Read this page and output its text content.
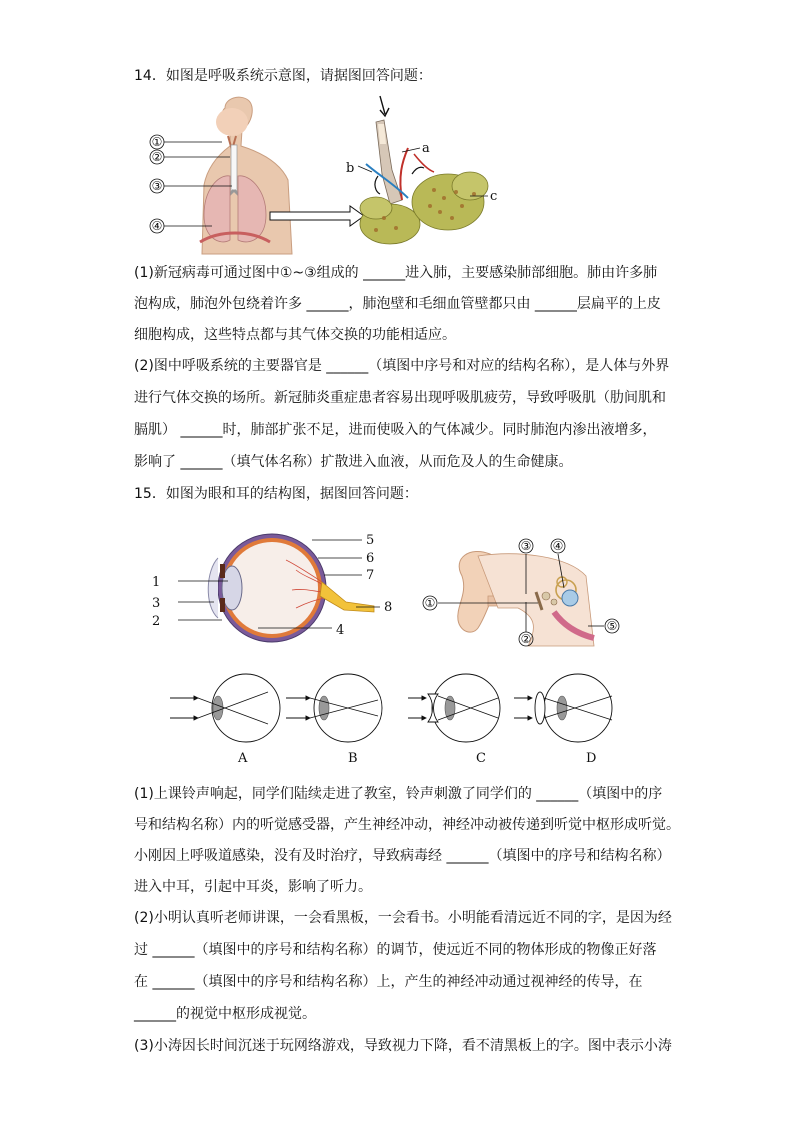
14．如图是呼吸系统示意图，请据图回答问题：
①
②
③
④
a
b
c
(1)新冠病毒可通过图中①~③组成的 ______进入肺，主要感染肺部细胞。肺由许多肺
泡构成，肺泡外包绕着许多 ______，肺泡壁和毛细血管壁都只由 ______层扁平的上皮
细胞构成，这些特点都与其气体交换的功能相适应。
(2)图中呼吸系统的主要器官是 ______（填图中序号和对应的结构名称），是人体与外界
进行气体交换的场所。新冠肺炎重症患者容易出现呼吸肌疲劳，导致呼吸肌（肋间肌和
膈肌） ______时，肺部扩张不足，进而使吸入的气体减少。同时肺泡内渗出液增多，
影响了 ______（填气体名称）扩散进入血液，从而危及人的生命健康。
15．如图为眼和耳的结构图，据图回答问题：
1
3
2
5
6
7
8
4
①
③ ④
②
⑤
A	B	C	D
(1)上课铃声响起，同学们陆续走进了教室，铃声刺激了同学们的 ______（填图中的序
号和结构名称）内的听觉感受器，产生神经冲动，神经冲动被传递到听觉中枢形成听觉。
小刚因上呼吸道感染，没有及时治疗，导致病毒经 ______（填图中的序号和结构名称）
进入中耳，引起中耳炎，影响了听力。
(2)小明认真听老师讲课，一会看黑板，一会看书。小明能看清远近不同的字，是因为经
过 ______（填图中的序号和结构名称）的调节，使远近不同的物体形成的物像正好落
在 ______（填图中的序号和结构名称）上，产生的神经冲动通过视神经的传导，在
______的视觉中枢形成视觉。
(3)小涛因长时间沉迷于玩网络游戏，导致视力下降，看不清黑板上的字。图中表示小涛
